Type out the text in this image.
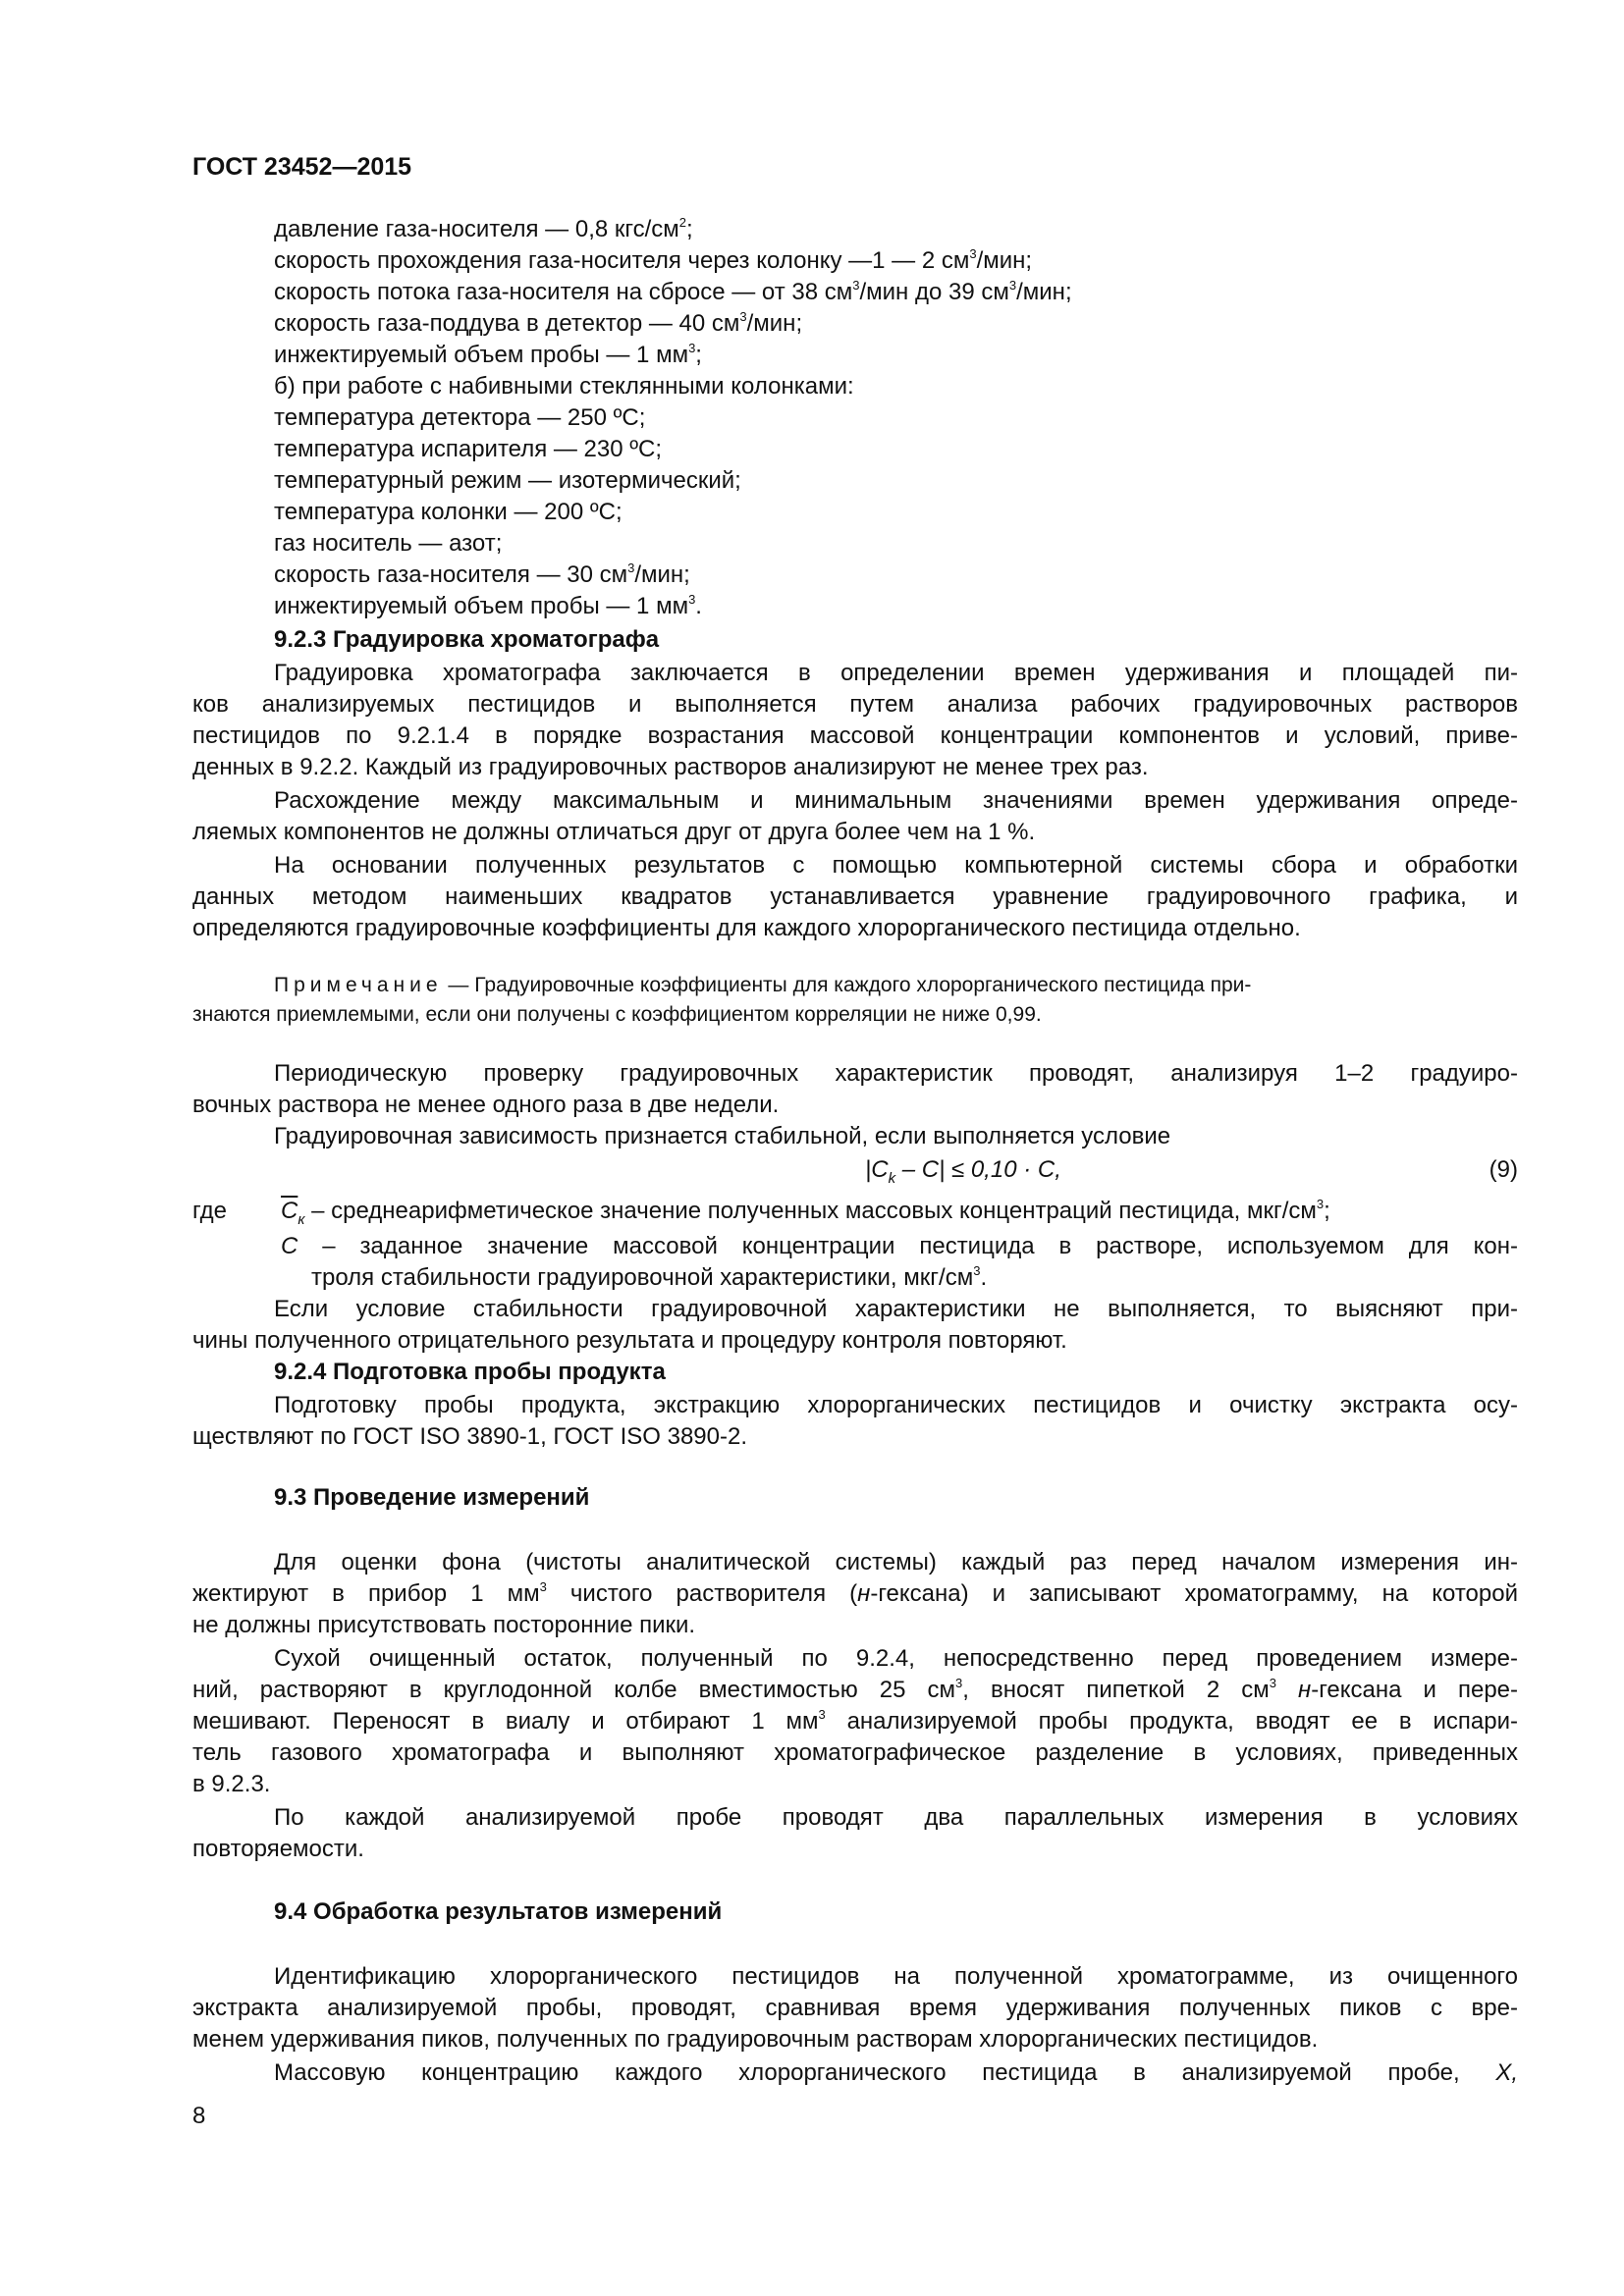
ГОСТ 23452—2015
давление газа-носителя — 0,8 кгс/$см^2$;
скорость прохождения газа-носителя через колонку —1 — 2 $см^3$/мин;
скорость потока газа-носителя на сбросе — от 38 $см^3$/мин до 39 $см^3$/мин;
скорость газа-поддува в детектор — 40 $см^3$/мин;
инжектируемый объем пробы — 1 $мм^3$;
б) при работе с набивными стеклянными колонками:
температура детектора — 250 ºС;
температура испарителя — 230 ºС;
температурный режим — изотермический;
температура колонки — 200 ºС;
газ носитель — азот;
скорость газа-носителя — 30 $см^3$/мин;
инжектируемый объем пробы — 1 $мм^3$.
9.2.3 Градуировка хроматографа
Градуировка хроматографа заключается в определении времен удерживания и площадей пи-
ков анализируемых пестицидов и выполняется путем анализа рабочих градуировочных растворов
пестицидов по 9.2.1.4 в порядке возрастания массовой концентрации компонентов и условий, приве-
денных в 9.2.2. Каждый из градуировочных растворов анализируют не менее трех раз.
Расхождение между максимальным и минимальным значениями времен удерживания опреде-
ляемых компонентов не должны отличаться друг от друга более чем на 1 %.
На основании полученных результатов с помощью компьютерной системы сбора и обработки
данных методом наименьших квадратов устанавливается уравнение градуировочного графика, и
определяются градуировочные коэффициенты для каждого хлорорганического пестицида отдельно.
Примечание — Градуировочные коэффициенты для каждого хлорорганического пестицида при-
знаются приемлемыми, если они получены с коэффициентом корреляции не ниже 0,99.
Периодическую проверку градуировочных характеристик проводят, анализируя 1–2 градуиро-
вочных раствора не менее одного раза в две недели.
Градуировочная зависимость признается стабильной, если выполняется условие
$|C_k - C| \le 0,10 \cdot C$,	(9)
где $\overline{C}_к$ – среднеарифметическое значение полученных массовых концентраций пестицида, мкг/$см^3$;
C – заданное значение массовой концентрации пестицида в растворе, используемом для кон-
троля стабильности градуировочной характеристики, мкг/$см^3$.
Если условие стабильности градуировочной характеристики не выполняется, то выясняют при-
чины полученного отрицательного результата и процедуру контроля повторяют.
9.2.4 Подготовка пробы продукта
Подготовку пробы продукта, экстракцию хлорорганических пестицидов и очистку экстракта осу-
ществляют по ГОСТ ISO 3890-1, ГОСТ ISO 3890-2.
9.3 Проведение измерений
Для оценки фона (чистоты аналитической системы) каждый раз перед началом измерения ин-
жектируют в прибор 1 $мм^3$ чистого растворителя (н-гексана) и записывают хроматограмму, на которой
не должны присутствовать посторонние пики.
Сухой очищенный остаток, полученный по 9.2.4, непосредственно перед проведением измере-
ний, растворяют в круглодонной колбе вместимостью 25 $см^3$, вносят пипеткой 2 $см^3$ н-гексана и пере-
мешивают. Переносят в виалу и отбирают 1 $мм^3$ анализируемой пробы продукта, вводят ее в испари-
тель газового хроматографа и выполняют хроматографическое разделение в условиях, приведенных
в 9.2.3.
По каждой анализируемой пробе проводят два параллельных измерения в условиях
повторяемости.
9.4 Обработка результатов измерений
Идентификацию хлорорганического пестицидов на полученной хроматограмме, из очищенного
экстракта анализируемой пробы, проводят, сравнивая время удерживания полученных пиков с вре-
менем удерживания пиков, полученных по градуировочным растворам хлорорганических пестицидов.
Массовую концентрацию каждого хлорорганического пестицида в анализируемой пробе, X,
8
